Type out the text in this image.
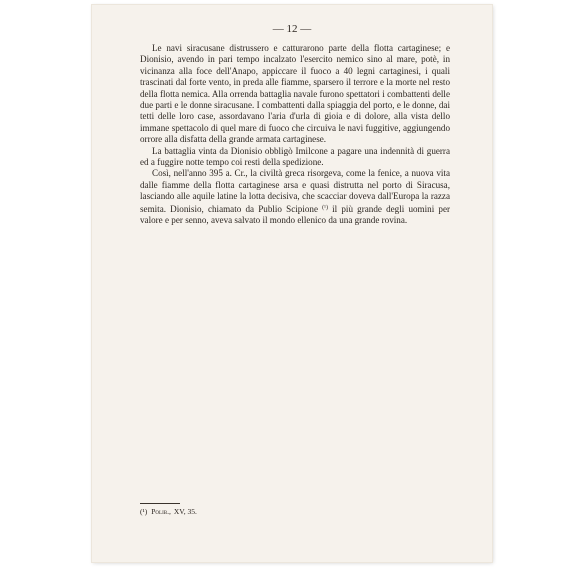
— 12 —

Le navi siracusane distrussero e catturarono parte della flotta cartaginese; e Dionisio, avendo in pari tempo incalzato l'esercito nemico sino al mare, potè, in vicinanza alla foce dell'Anapo, appiccare il fuoco a 40 legni cartaginesi, i quali trascinati dal forte vento, in preda alle fiamme, sparsero il terrore e la morte nel resto della flotta nemica. Alla orrenda battaglia navale furono spettatori i combattenti delle due parti e le donne siracusane. I combattenti dalla spiaggia del porto, e le donne, dai tetti delle loro case, assordavano l'aria d'urla di gioia e di dolore, alla vista dello immane spettacolo di quel mare di fuoco che circuiva le navi fuggitive, aggiungendo orrore alla disfatta della grande armata cartaginese.

La battaglia vinta da Dionisio obbligò Imilcone a pagare una indennità di guerra ed a fuggire notte tempo coi resti della spedizione.

Così, nell'anno 395 a. Cr., la civiltà greca risorgeva, come la fenice, a nuova vita dalle fiamme della flotta cartaginese arsa e quasi distrutta nel porto di Siracusa, lasciando alle aquile latine la lotta decisiva, che scacciar doveva dall'Europa la razza semita. Dionisio, chiamato da Publio Scipione $^{(^1)}$ il più grande degli uomini per valore e per senno, aveva salvato il mondo ellenico da una grande rovina.

(¹) Polib., XV, 35.
